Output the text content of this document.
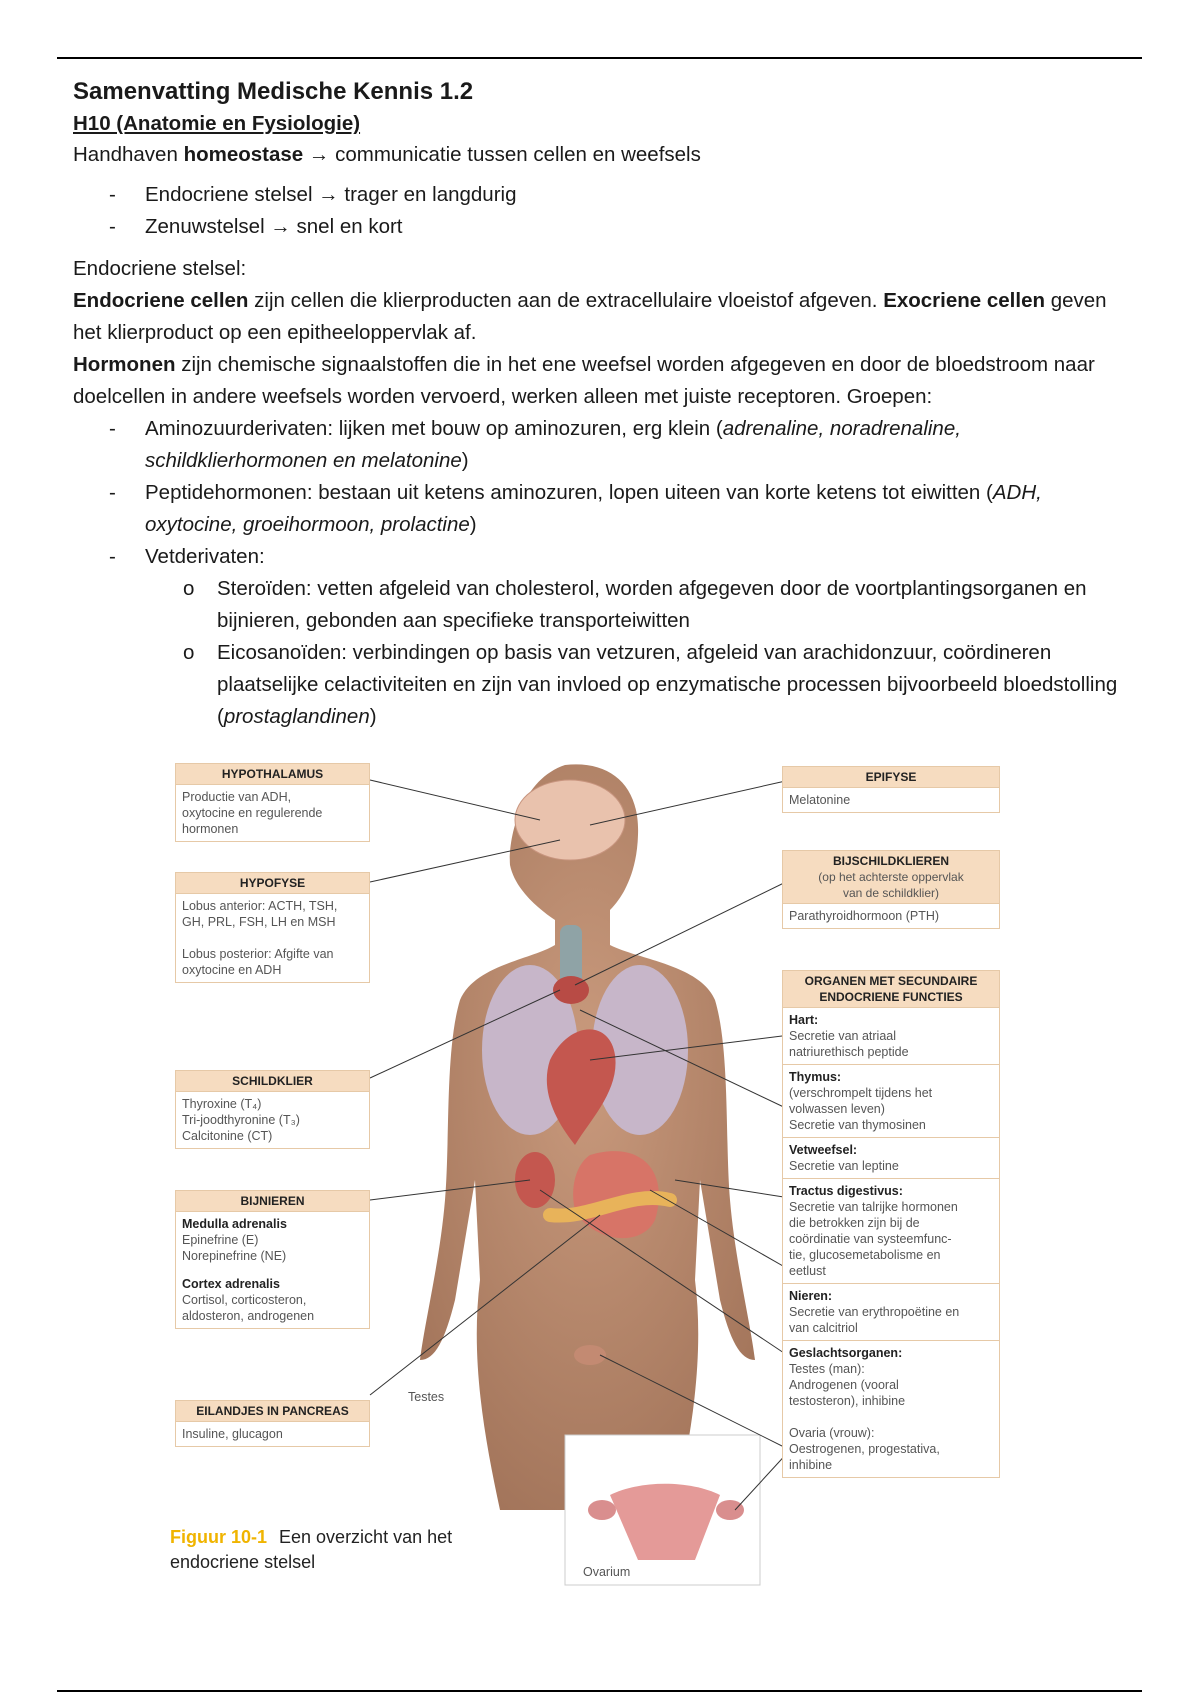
Samenvatting Medische Kennis 1.2
H10 (Anatomie en Fysiologie)

Handhaven homeostase → communicatie tussen cellen en weefsels

- Endocriene stelsel → trager en langdurig
- Zenuwstelsel → snel en kort

Endocriene stelsel:

Endocriene cellen zijn cellen die klierproducten aan de extracellulaire vloeistof afgeven. Exocriene cellen geven het klierproduct op een epitheeloppervlak af.

Hormonen zijn chemische signaalstoffen die in het ene weefsel worden afgegeven en door de bloedstroom naar doelcellen in andere weefsels worden vervoerd, werken alleen met juiste receptoren. Groepen:

- Aminozuurderivaten: lijken met bouw op aminozuren, erg klein (adrenaline, noradrenaline, schildklierhormonen en melatonine)
- Peptidehormonen: bestaan uit ketens aminozuren, lopen uiteen van korte ketens tot eiwitten (ADH, oxytocine, groeihormoon, prolactine)
- Vetderivaten:
o Steroïden: vetten afgeleid van cholesterol, worden afgegeven door de voortplantingsorganen en bijnieren, gebonden aan specifieke transporteiwitten
o Eicosanoïden: verbindingen op basis van vetzuren, afgeleid van arachidonzuur, coördineren plaatselijke celactiviteiten en zijn van invloed op enzymatische processen bijvoorbeeld bloedstolling (prostaglandinen)
HYPOTHALAMUS
Productie van ADH,
oxytocine en regulerende
hormonen
HYPOFYSE
Lobus anterior: ACTH, TSH,
GH, PRL, FSH, LH en MSH

Lobus posterior: Afgifte van
oxytocine en ADH
SCHILDKLIER
Thyroxine (T₄)
Tri-joodthyronine (T₃)
Calcitonine (CT)
BIJNIEREN
Medulla adrenalis
Epinefrine (E)
Norepinefrine (NE)
Cortex adrenalis
Cortisol, corticosteron,
aldosteron, androgenen
EILANDJES IN PANCREAS
Insuline, glucagon
EPIFYSE
Melatonine
BIJSCHILDKLIEREN
(op het achterste oppervlak
van de schildklier)
Parathyroidhormoon (PTH)
ORGANEN MET SECUNDAIRE
ENDOCRIENE FUNCTIES
Hart:
Secretie van atriaal
natriurethisch peptide
Thymus:
(verschrompelt tijdens het
volwassen leven)
Secretie van thymosinen
Vetweefsel:
Secretie van leptine
Tractus digestivus:
Secretie van talrijke hormonen
die betrokken zijn bij de
coördinatie van systeemfunc-
tie, glucosemetabolisme en
eetlust
Nieren:
Secretie van erythropoëtine en
van calcitriol
Geslachtsorganen:
Testes (man):
Androgenen (vooral
testosteron), inhibine

Ovaria (vrouw):
Oestrogenen, progestativa,
inhibine
Testes
Ovarium
Figuur 10-1 Een overzicht van het endocriene stelsel
